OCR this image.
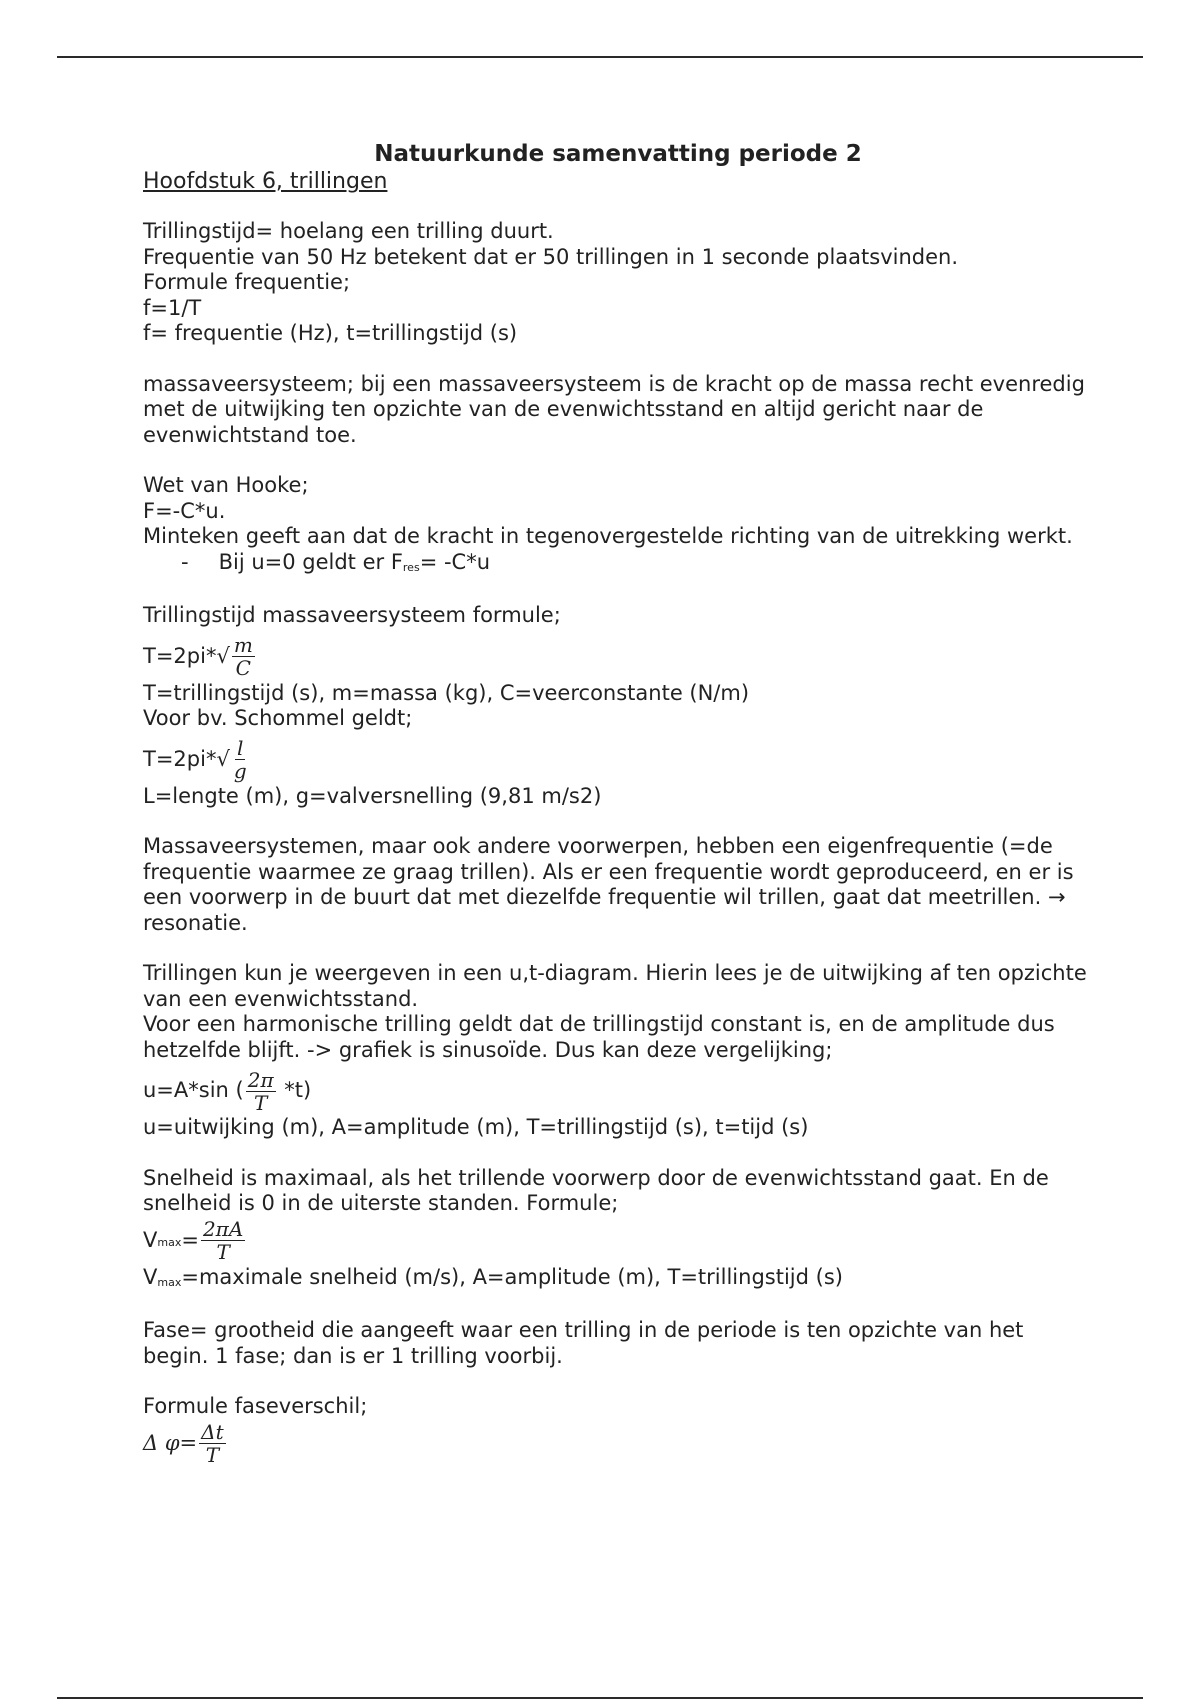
Natuurkunde samenvatting periode 2
Hoofdstuk 6, trillingen

Trillingstijd= hoelang een trilling duurt.
Frequentie van 50 Hz betekent dat er 50 trillingen in 1 seconde plaatsvinden.
Formule frequentie;
f=1/T
f= frequentie (Hz), t=trillingstijd (s)

massaveersysteem; bij een massaveersysteem is de kracht op de massa recht evenredig met de uitwijking ten opzichte van de evenwichtsstand en altijd gericht naar de evenwichtstand toe.

Wet van Hooke;
F=-C*u.
Minteken geeft aan dat de kracht in tegenovergestelde richting van de uitrekking werkt.
- Bij u=0 geldt er $F_{res}= -C*u$

Trillingstijd massaveersysteem formule;
$T=2pi*√ \frac{m}{C}$
T=trillingstijd (s), m=massa (kg), C=veerconstante (N/m)
Voor bv. Schommel geldt;
$T=2pi*√ \frac{l}{g}$
L=lengte (m), g=valversnelling (9,81 m/s2)

Massaveersystemen, maar ook andere voorwerpen, hebben een eigenfrequentie (=de frequentie waarmee ze graag trillen). Als er een frequentie wordt geproduceerd, en er is een voorwerp in de buurt dat met diezelfde frequentie wil trillen, gaat dat meetrillen. → resonatie.

Trillingen kun je weergeven in een u,t-diagram. Hierin lees je de uitwijking af ten opzichte van een evenwichtsstand.
Voor een harmonische trilling geldt dat de trillingstijd constant is, en de amplitude dus hetzelfde blijft. -> grafiek is sinusoïde. Dus kan deze vergelijking;
u=A*sin ( $\frac{2\pi}{T} *t$)
u=uitwijking (m), A=amplitude (m), T=trillingstijd (s), t=tijd (s)

Snelheid is maximaal, als het trillende voorwerp door de evenwichtsstand gaat. En de snelheid is 0 in de uiterste standen. Formule;
$V_{max} = \frac{2\pi A}{T}$
$V_{max}=maximale$ snelheid (m/s), A=amplitude (m), T=trillingstijd (s)

Fase= grootheid die aangeeft waar een trilling in de periode is ten opzichte van het begin. 1 fase; dan is er 1 trilling voorbij.

Formule faseverschil;
Δ $\varphi= \frac{\Delta t}{T}$
